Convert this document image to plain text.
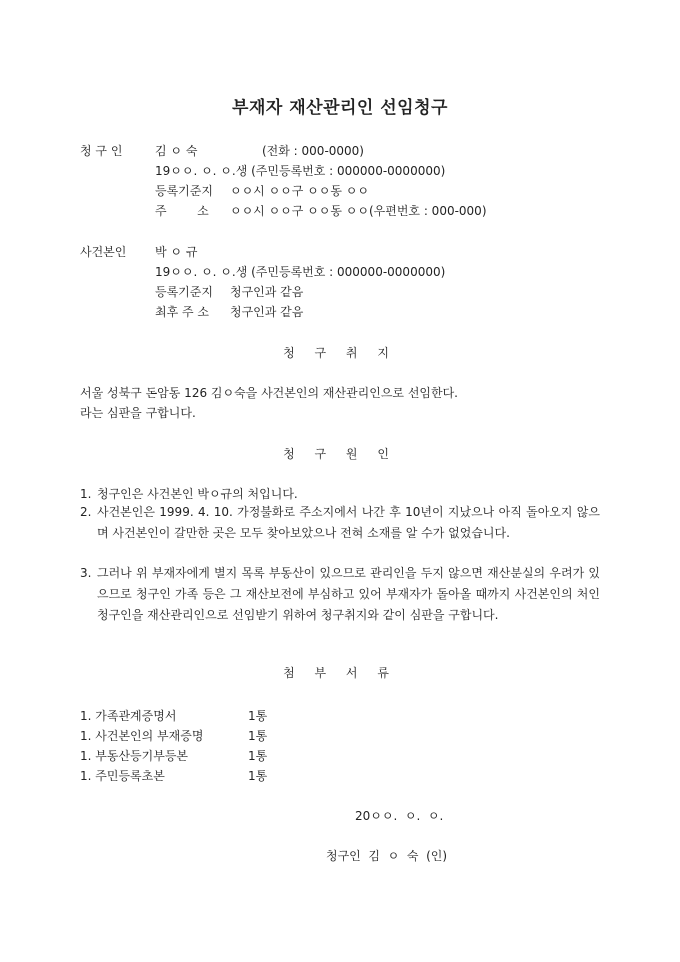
부재자 재산관리인 선임청구
청 구 인	김 ㅇ 숙	(전화 : 000-0000)
19ㅇㅇ. ㅇ. ㅇ.생 (주민등록번호 : 000000-0000000)
등록기준지 ㅇㅇ시 ㅇㅇ구 ㅇㅇ동 ㅇㅇ
주        소 ㅇㅇ시 ㅇㅇ구 ㅇㅇ동 ㅇㅇ(우편번호 : 000-000)
사건본인 박 ㅇ 규
19ㅇㅇ. ㅇ. ㅇ.생 (주민등록번호 : 000000-0000000)
등록기준지 청구인과 같음
최후 주 소 청구인과 같음
청 구 취 지
서울 성북구 돈암동 126 김ㅇ숙을 사건본인의 재산관리인으로 선임한다.
라는 심판을 구합니다.
청 구 원 인
1. 청구인은 사건본인 박ㅇ규의 처입니다.
2. 사건본인은 1999. 4. 10. 가정불화로 주소지에서 나간 후 10년이 지났으나 아직 돌아오지 않으며 사건본인이 갈만한 곳은 모두 찾아보았으나 전혀 소재를 알 수가 없었습니다.
3. 그러나 위 부재자에게 별지 목록 부동산이 있으므로 관리인을 두지 않으면 재산분실의 우려가 있으므로 청구인 가족 등은 그 재산보전에 부심하고 있어 부재자가 돌아올 때까지 사건본인의 처인 청구인을 재산관리인으로 선임받기 위하여 청구취지와 같이 심판을 구합니다.
첨 부 서 류
1. 가족관계증명서	1통
1. 사건본인의 부재증명	1통
1. 부동산등기부등본	1통
1. 주민등록초본	1통
20ㅇㅇ.  ㅇ.  ㅇ.
청구인  김  ㅇ  숙  (인)
